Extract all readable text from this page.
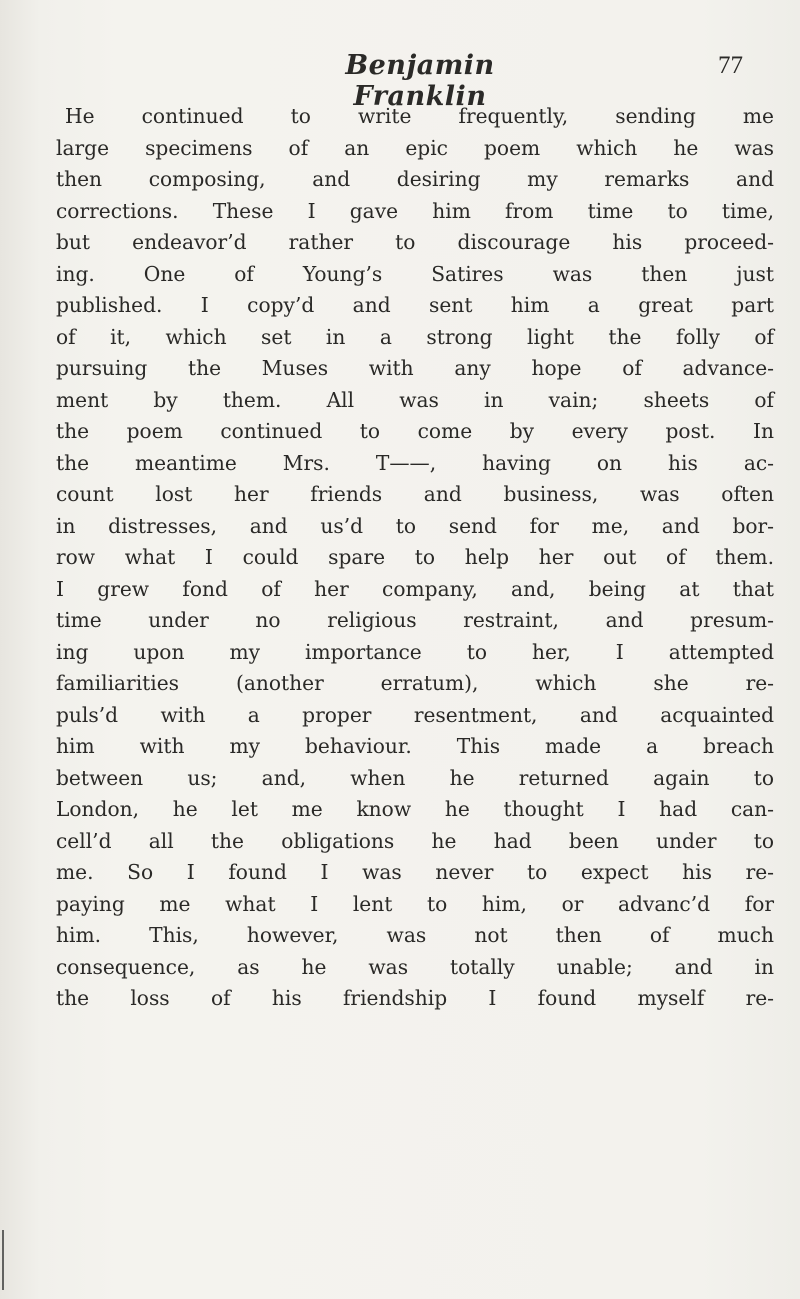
Benjamin Franklin
77
He continued to write frequently, sending me
large specimens of an epic poem which he was
then composing, and desiring my remarks and
corrections. These I gave him from time to time,
but endeavor’d rather to discourage his proceed-
ing. One of Young’s Satires was then just
published. I copy’d and sent him a great part
of it, which set in a strong light the folly of
pursuing the Muses with any hope of advance-
ment by them. All was in vain; sheets of
the poem continued to come by every post. In
the meantime Mrs. T——, having on his ac-
count lost her friends and business, was often
in distresses, and us’d to send for me, and bor-
row what I could spare to help her out of them.
I grew fond of her company, and, being at that
time under no religious restraint, and presum-
ing upon my importance to her, I attempted
familiarities (another erratum), which she re-
puls’d with a proper resentment, and acquainted
him with my behaviour. This made a breach
between us; and, when he returned again to
London, he let me know he thought I had can-
cell’d all the obligations he had been under to
me. So I found I was never to expect his re-
paying me what I lent to him, or advanc’d for
him. This, however, was not then of much
consequence, as he was totally unable; and in
the loss of his friendship I found myself re-
